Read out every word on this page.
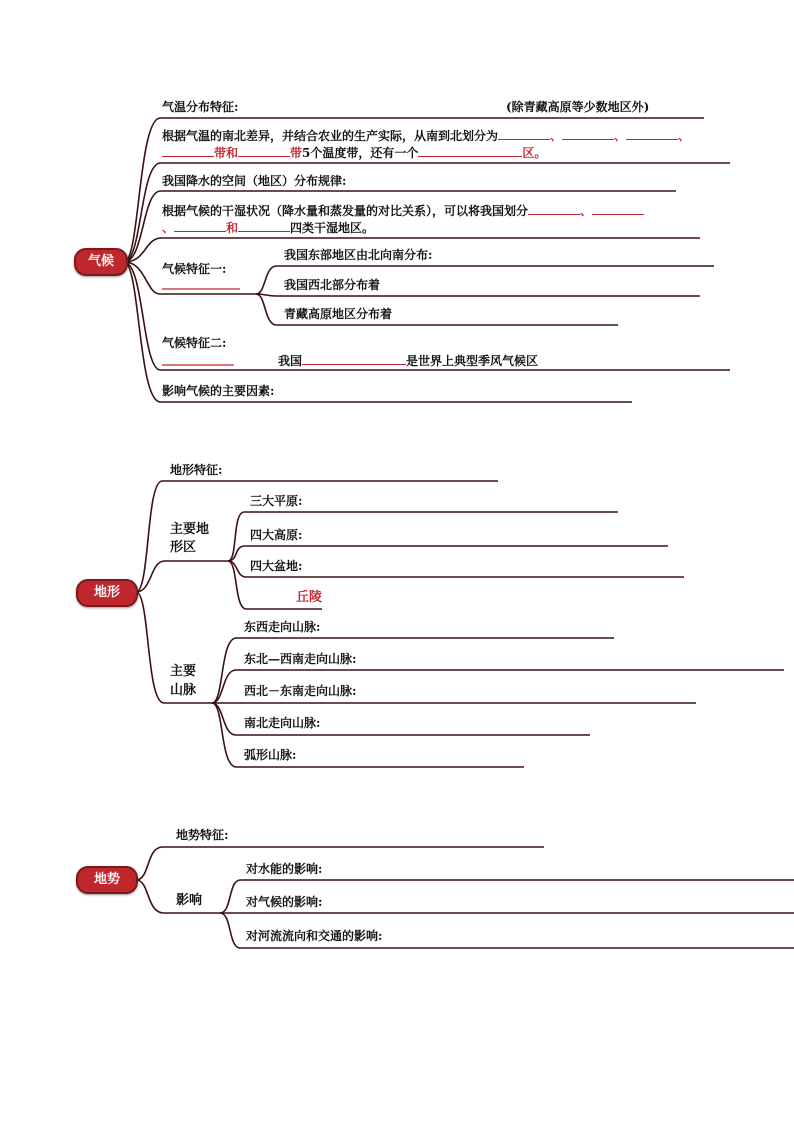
气候
气温分布特征:	(除青藏高原等少数地区外)
根据气温的南北差异，并结合农业的生产实际，从南到北划分为	、	、	、
带和	带5个温度带，还有一个	区。
我国降水的空间（地区）分布规律:
根据气候的干湿状况（降水量和蒸发量的对比关系），可以将我国划分	、
、	和	四类干湿地区。
气候特征一:
我国东部地区由北向南分布:
我国西北部分布着
青藏高原地区分布着
气候特征二:
我国	是世界上典型季风气候区
影响气候的主要因素:
地形
地形特征:
主要地
形区
三大平原:
四大高原:
四大盆地:
丘陵
主要
山脉
东西走向山脉:
东北—西南走向山脉:
西北－东南走向山脉:
南北走向山脉:
弧形山脉:
地势
地势特征:
影响
对水能的影响:
对气候的影响:
对河流流向和交通的影响:
